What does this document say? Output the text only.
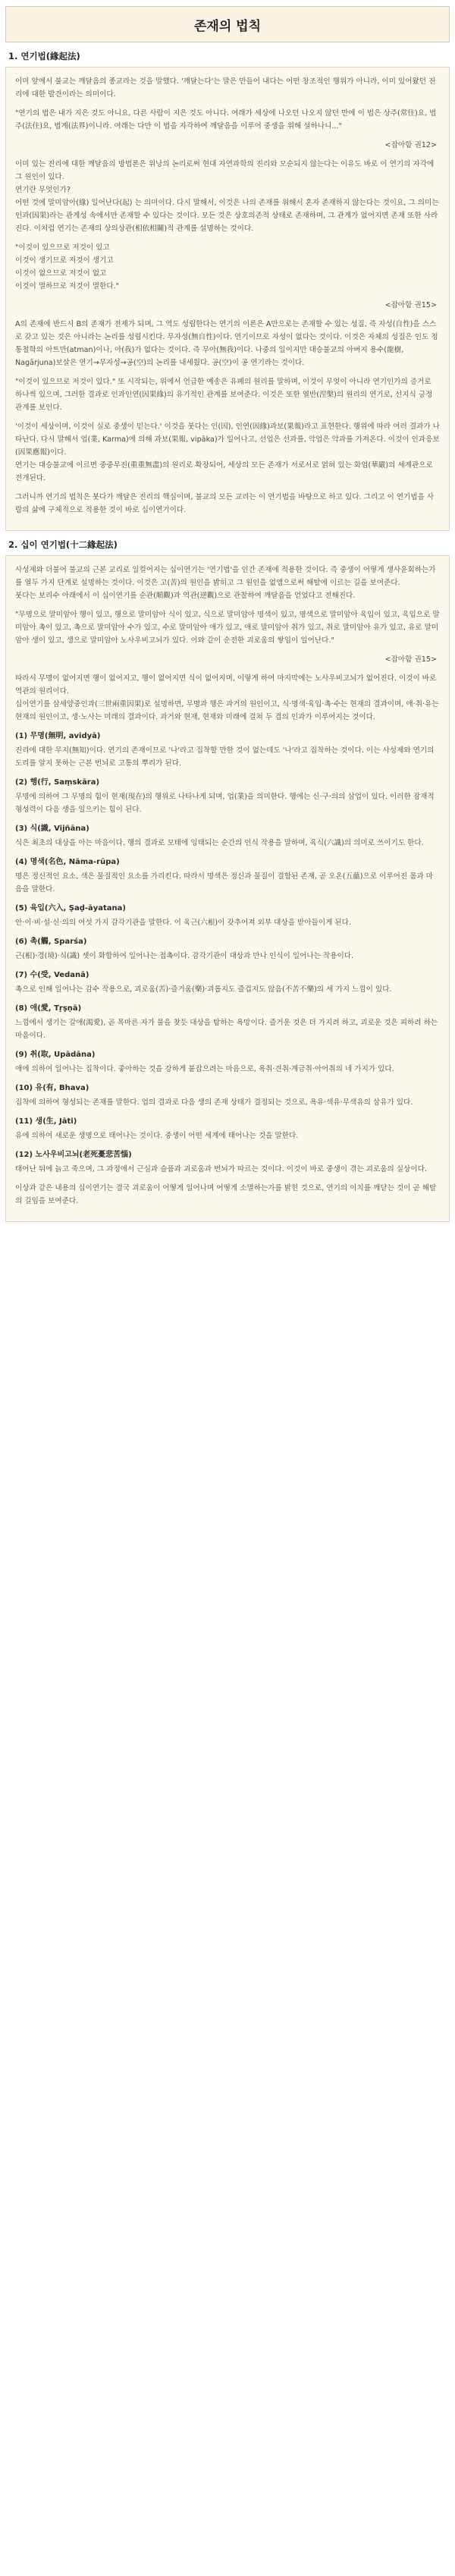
존재의 법칙
1. 연기법(緣起法)

이미 앞에서 불교는 깨달음의 종교라는 것을 말했다. '깨달는다'는 말은 만들어 내다는 어떤 창조적인 행위가 아니라, 이미 있어왔던 진리에 대한 발견이라는 의미이다.

"연기의 법은 내가 지은 것도 아니요, 다른 사람이 지은 것도 아니다. 여래가 세상에 나오던 나오지 않던 만에 이 법은 상주(常住)요, 법주(法住)요, 법계(法界)이니라. 여래는 다만 이 법을 자각하여 깨달음을 이루어 중생을 위해 설하나니..."

<잡아함 권12>

이미 있는 진리에 대한 깨달음의 방법론은 위낭의 논리로써 현대 자연과학의 진리와 모순되지 않는다는 이유도 바로 이 연기의 자각에 그 원인이 있다.
연기란 무엇인가?
어떤 것에 말미암아(緣) 일어난다(起) 는 의미이다. 다시 말해서, 이것은 나의 존재를 위해서 혼자 존재하지 않는다는 것이요, 그 의미는 인과(因果)라는 관계성 속에서만 존재할 수 있다는 것이다. 모든 것은 상호의존적 상태로 존재하며, 그 관계가 없어지면 존재 또한 사라진다. 이처럼 연기는 존재의 상의상관(相依相關)적 관계를 설명하는 것이다.

"이것이 있으므로 저것이 있고
이것이 생기므로 저것이 생기고
이것이 없으므로 저것이 없고
이것이 멸하므로 저것이 멸한다."

<잡아함 권15>

A의 존재에 반드시 B의 존재가 전제가 되며, 그 역도 성립한다는 연기의 이론은 A만으로는 존재할 수 있는 성질, 즉 자성(自性)을 스스로 갖고 있는 것은 아니라는 논리를 성립시킨다. 무자성(無自性)이다. 연기이므로 자성이 없다는 것이다. 이것은 자체의 성질은 인도 정통철학의 아트만(atman)이나, 아(我)가 없다는 것이다. 즉 무아(無我)이다. 나중의 일이지만 대승불교의 아버지 용수(龍樹, Nagārjuna)보살은 연기→무자성→공(空)의 논리를 내세웠다. 공(空)이 공 연기라는 것이다.

"이것이 있으므로 저것이 있다." 또 시작되는, 위에서 언급한 예송은 유폐의 원리를 말하며, 이것이 무엇이 아니라 연기인가의 증거로 하나씩 있으며, 그러한 결과로 인과인연(因果緣)의 유기적인 관계를 보여준다. 이것은 또한 열반(涅槃)의 원리의 연기로, 선지식 긍정 관계를 보인다.

'이것이 세상이며, 이것이 실로 중생이 믿는다.' 이것을 붓다는 인(因), 인연(因緣)과보(果報)라고 표현한다. 행위에 따라 여러 결과가 나타난다. 다시 말해서 업(業, Karma)에 의해 과보(果報, vipāka)가 일어나고, 선업은 선과를, 악업은 악과를 가져온다. 이것이 인과응보(因果應報)이다.
연기는 대승불교에 이르면 중중무진(重重無盡)의 원리로 확장되어, 세상의 모든 존재가 서로서로 얽혀 있는 화엄(華嚴)의 세계관으로 전개된다.

그러니까 연기의 법칙은 붓다가 깨달은 진리의 핵심이며, 불교의 모든 교리는 이 연기법을 바탕으로 하고 있다. 그리고 이 연기법을 사람의 삶에 구체적으로 적용한 것이 바로 십이연기이다.

2. 십이 연기법(十二緣起法)

사성제와 더불어 불교의 근본 교리로 일컬어지는 십이연기는 '연기법'을 인간 존재에 적용한 것이다. 즉 중생이 어떻게 생사윤회하는가를 열두 가지 단계로 설명하는 것이다. 이것은 고(苦)의 원인을 밝히고 그 원인을 없앰으로써 해탈에 이르는 길을 보여준다.
붓다는 보리수 아래에서 이 십이연기를 순관(順觀)과 역관(逆觀)으로 관찰하여 깨달음을 얻었다고 전해진다.

"무명으로 말미암아 행이 있고, 행으로 말미암아 식이 있고, 식으로 말미암아 명색이 있고, 명색으로 말미암아 육입이 있고, 육입으로 말미암아 촉이 있고, 촉으로 말미암아 수가 있고, 수로 말미암아 애가 있고, 애로 말미암아 취가 있고, 취로 말미암아 유가 있고, 유로 말미암아 생이 있고, 생으로 말미암아 노사우비고뇌가 있다. 이와 같이 순전한 괴로움의 쌓임이 일어난다."

<잡아함 권15>

따라서 무명이 없어지면 행이 없어지고, 행이 없어지면 식이 없어지며, 이렇게 하여 마지막에는 노사우비고뇌가 없어진다. 이것이 바로 역관의 원리이다.
십이연기를 삼세양중인과(三世兩重因果)로 설명하면, 무명과 행은 과거의 원인이고, 식·명색·육입·촉·수는 현재의 결과이며, 애·취·유는 현재의 원인이고, 생·노사는 미래의 결과이다. 과거와 현재, 현재와 미래에 걸쳐 두 겹의 인과가 이루어지는 것이다.

(1) 무명(無明, avidyā)

진리에 대한 무지(無知)이다. 연기의 존재이므로 '나'라고 집착할 만한 것이 없는데도 '나'라고 집착하는 것이다. 이는 사성제와 연기의 도리를 알지 못하는 근본 번뇌로 고통의 뿌리가 된다.

(2) 행(行, Saṃskāra)

무명에 의하여 그 무명의 힘이 현재(現在)의 행위로 나타나게 되며, 업(業)을 의미한다. 행에는 신·구·의의 삼업이 있다. 이러한 잠재적 형성력이 다음 생을 일으키는 힘이 된다.

(3) 식(識, Vijñāna)

식은 최초의 대상을 아는 마음이다. 행의 결과로 모태에 잉태되는 순간의 인식 작용을 말하며, 육식(六識)의 의미로 쓰이기도 한다.

(4) 명색(名色, Nāma-rūpa)

명은 정신적인 요소, 색은 물질적인 요소를 가리킨다. 따라서 명색은 정신과 물질이 결합된 존재, 곧 오온(五蘊)으로 이루어진 몸과 마음을 말한다.

(5) 육입(六入, Ṣaḍ-āyatana)

안·이·비·설·신·의의 여섯 가지 감각기관을 말한다. 이 육근(六根)이 갖추어져 외부 대상을 받아들이게 된다.

(6) 촉(觸, Sparśa)

근(根)·경(境)·식(識) 셋이 화합하여 일어나는 접촉이다. 감각기관이 대상과 만나 인식이 일어나는 작용이다.

(7) 수(受, Vedanā)

촉으로 인해 일어나는 감수 작용으로, 괴로움(苦)·즐거움(樂)·괴롭지도 즐겁지도 않음(不苦不樂)의 세 가지 느낌이 있다.

(8) 애(愛, Tṛṣṇā)

느낌에서 생기는 갈애(渴愛), 곧 목마른 자가 물을 찾듯 대상을 탐하는 욕망이다. 즐거운 것은 더 가지려 하고, 괴로운 것은 피하려 하는 마음이다.

(9) 취(取, Upādāna)

애에 의하여 일어나는 집착이다. 좋아하는 것을 강하게 붙잡으려는 마음으로, 욕취·견취·계금취·아어취의 네 가지가 있다.

(10) 유(有, Bhava)

집착에 의하여 형성되는 존재를 말한다. 업의 결과로 다음 생의 존재 상태가 결정되는 것으로, 욕유·색유·무색유의 삼유가 있다.

(11) 생(生, Jāti)

유에 의하여 새로운 생명으로 태어나는 것이다. 중생이 어떤 세계에 태어나는 것을 말한다.

(12) 노사우비고뇌(老死憂悲苦惱)

태어난 뒤에 늙고 죽으며, 그 과정에서 근심과 슬픔과 괴로움과 번뇌가 따르는 것이다. 이것이 바로 중생이 겪는 괴로움의 실상이다.

이상과 같은 내용의 십이연기는 결국 괴로움이 어떻게 일어나며 어떻게 소멸하는가를 밝힌 것으로, 연기의 이치를 깨닫는 것이 곧 해탈의 길임을 보여준다.
